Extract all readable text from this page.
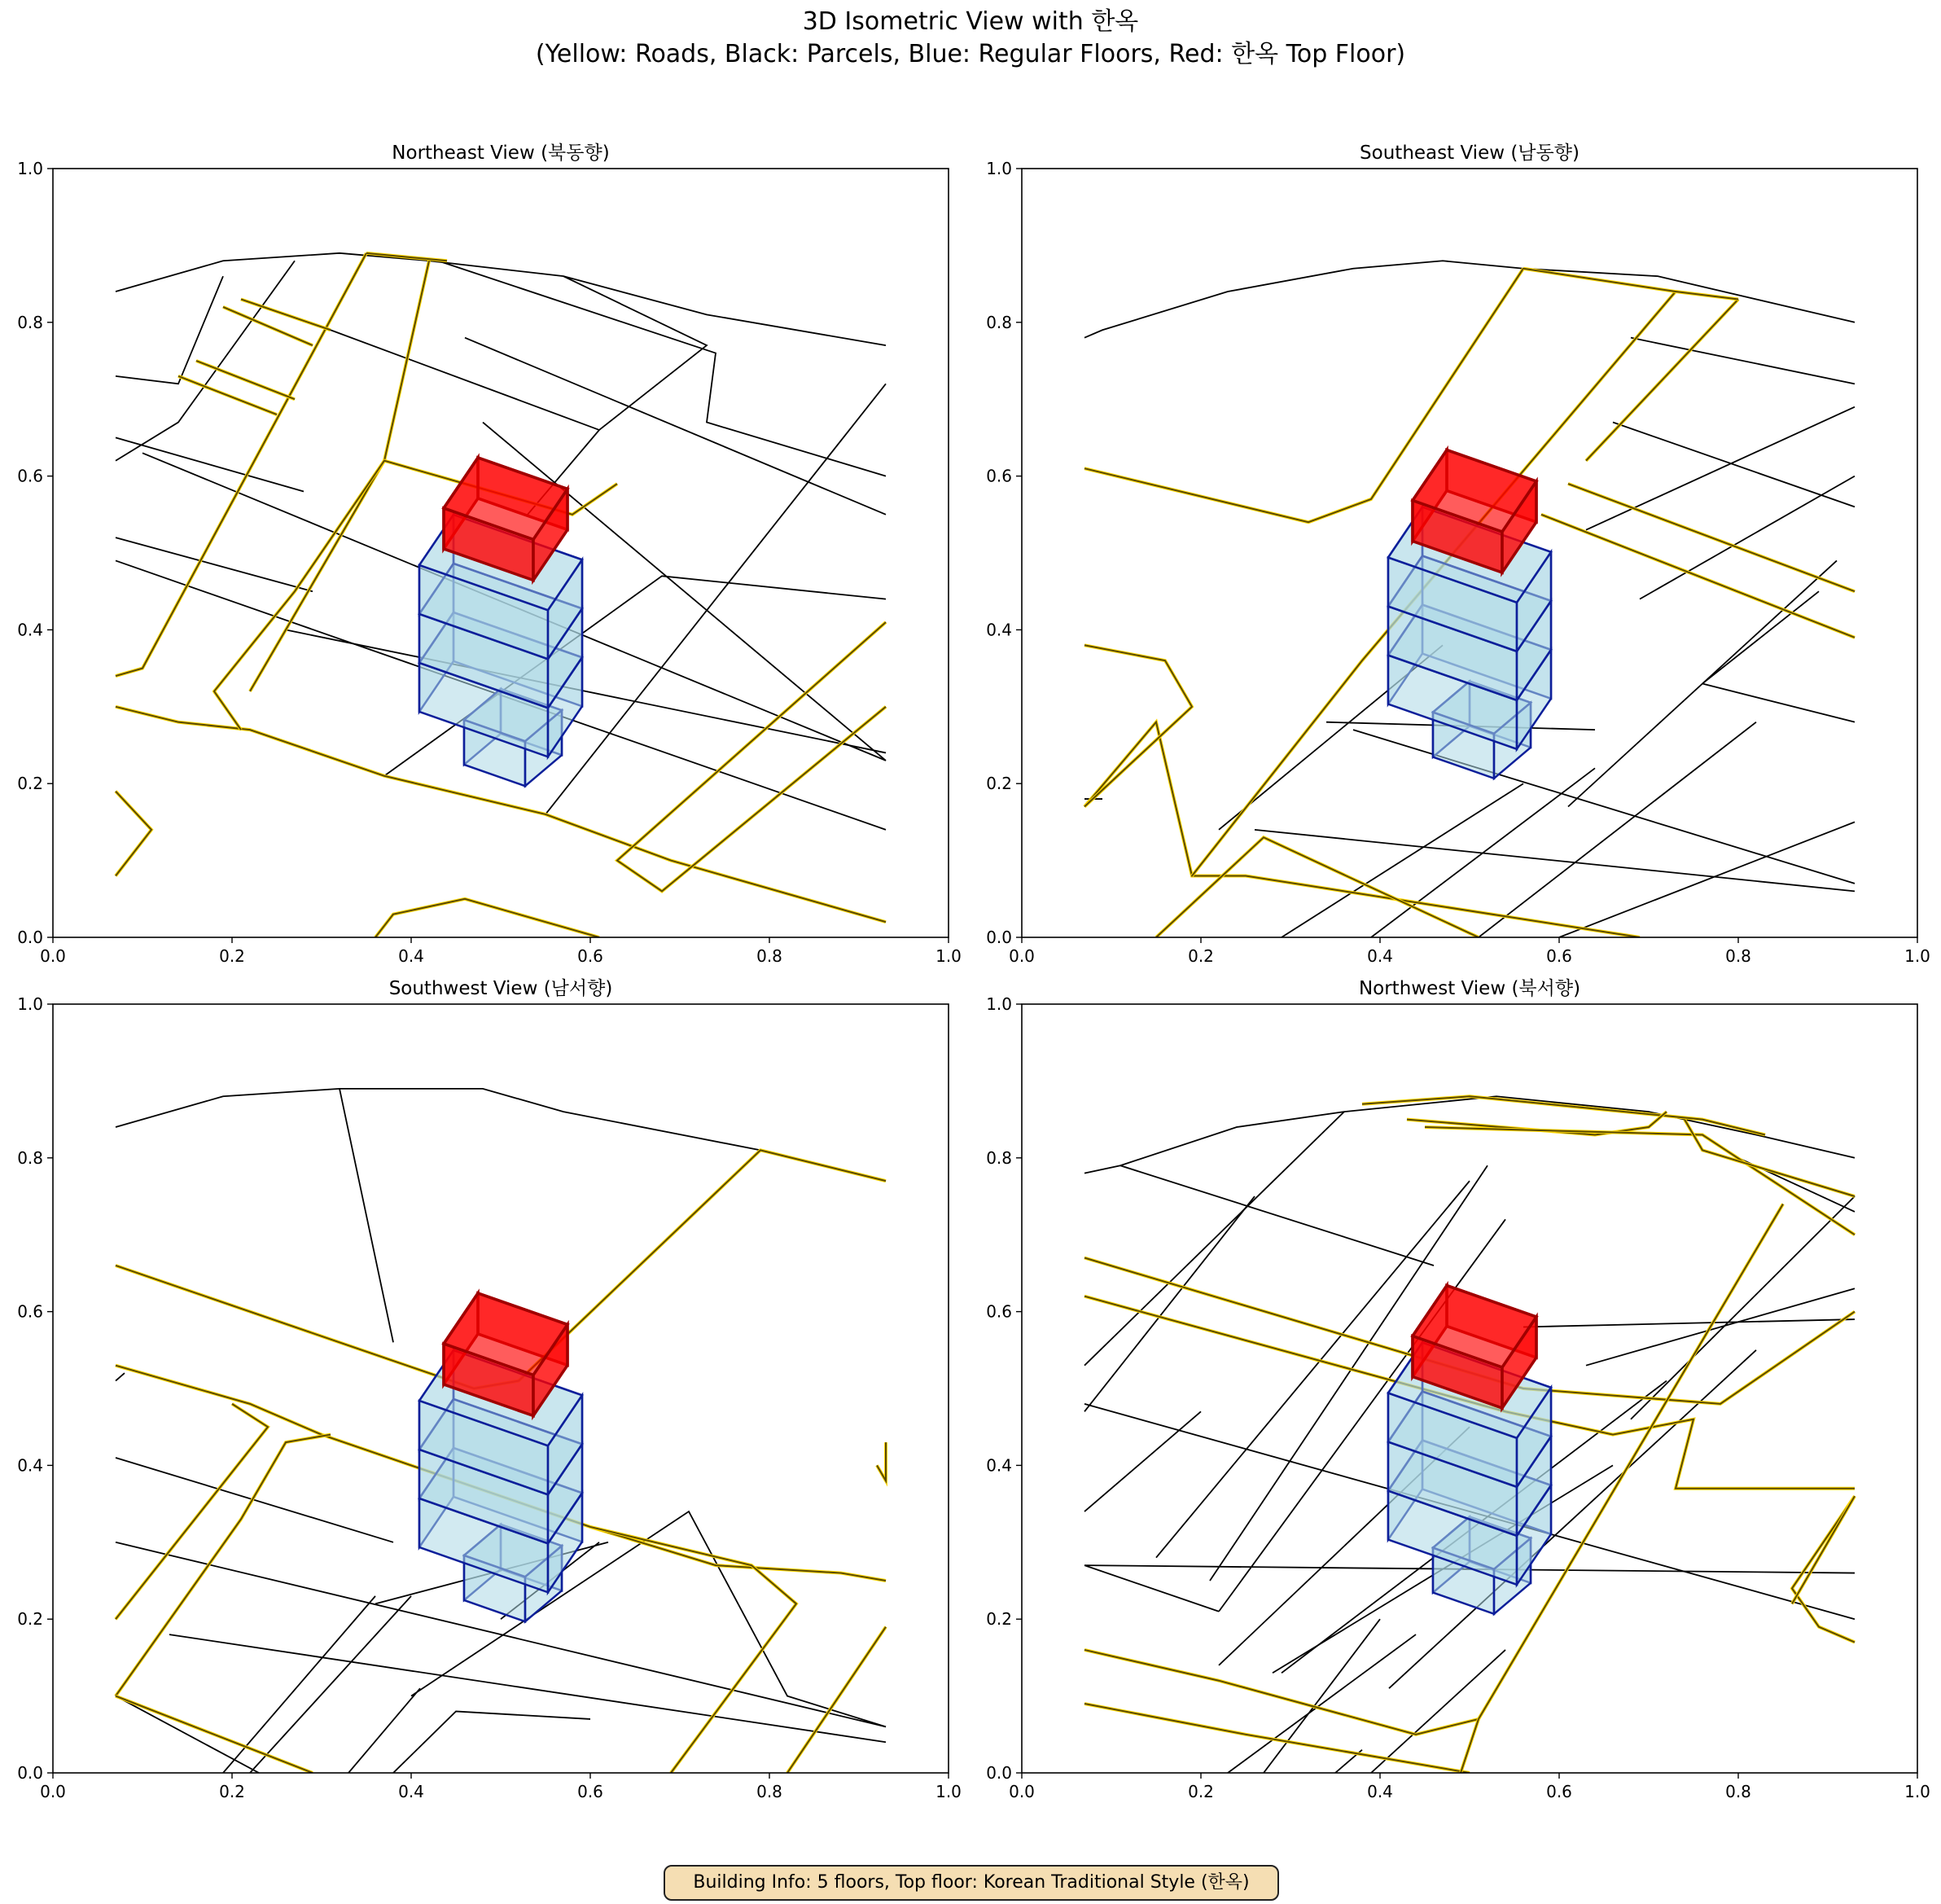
3D Isometric View with 한옥
(Yellow: Roads, Black: Parcels, Blue: Regular Floors, Red: 한옥 Top Floor)
0.0
0.0
0.2
0.2
0.4
0.4
0.6
0.6
0.8
0.8
1.0
1.0
Northeast View (북동향)
0.0
0.0
0.2
0.2
0.4
0.4
0.6
0.6
0.8
0.8
1.0
1.0
Southeast View (남동향)
0.0
0.0
0.2
0.2
0.4
0.4
0.6
0.6
0.8
0.8
1.0
1.0
Southwest View (남서향)
0.0
0.0
0.2
0.2
0.4
0.4
0.6
0.6
0.8
0.8
1.0
1.0
Northwest View (북서향)
Building Info: 5 floors, Top floor: Korean Traditional Style (한옥)
